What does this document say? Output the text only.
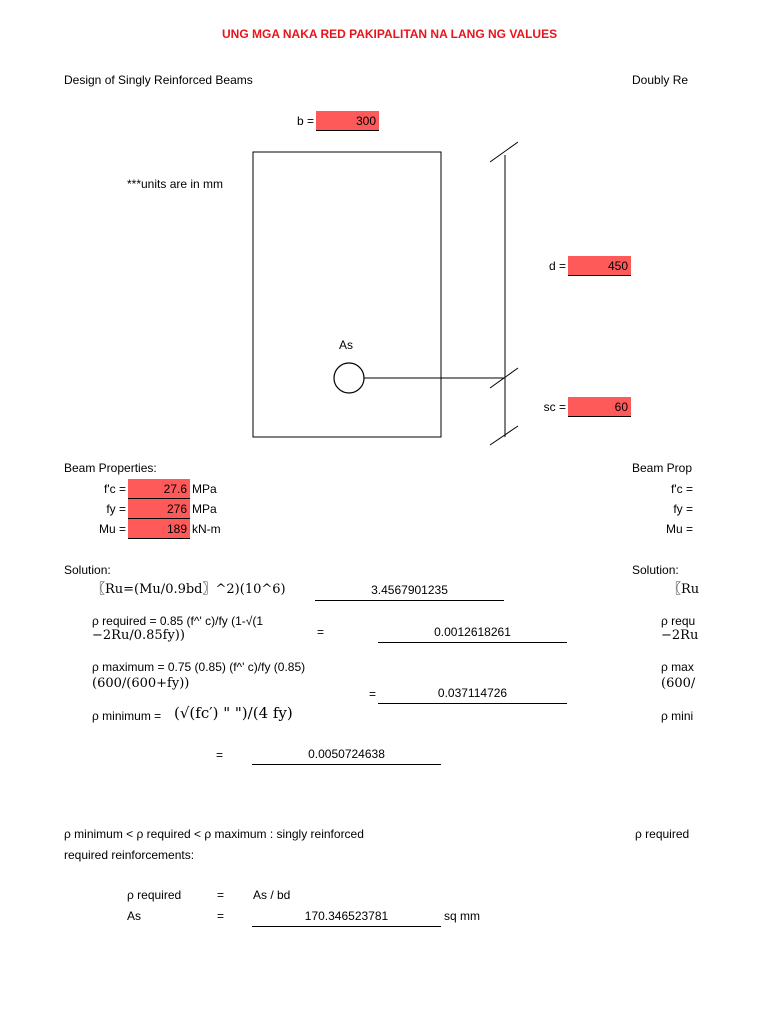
UNG MGA NAKA RED PAKIPALITAN NA LANG NG VALUES
Design of Singly Reinforced Beams	Doubly Re
b =	300
***units are in mm
d =	450
As
sc =	60
Beam Properties:
f'c =	27.6 MPa
fy =	276 MPa
Mu =	189 kN-m
Solution:
〖Ru=(Mu/0.9bd〗^2)(10^6)	3.4567901235
ρ required = 0.85 (f^' c)/fy (1-√(1
−2Ru/0.85fy))	=	0.0012618261
ρ maximum = 0.75 (0.85) (f^' c)/fy (0.85)
(600/(600+fy))
=	0.037114726
ρ minimum = (√(fc′) " ")/(4 fy)
=	0.0050724638
ρ minimum < ρ required < ρ maximum : singly reinforced
required reinforcements:
ρ required	= As / bd
As	=	170.346523781	sq mm
Beam Prop
f'c =
fy =
Mu =
Solution:
〖Ru
ρ requ
−2Ru
ρ max
(600/
ρ mini
ρ required
